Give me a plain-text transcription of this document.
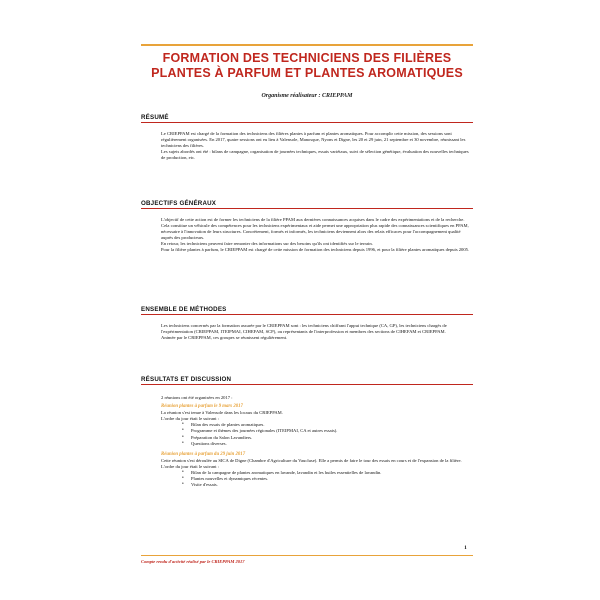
FORMATION DES TECHNICIENS DES FILIÈRES
PLANTES À PARFUM ET PLANTES AROMATIQUES
Organisme réalisateur : CRIEPPAM
RÉSUMÉ

Le CRIEPPAM est chargé de la formation des techniciens des filières plantes à parfum et plantes aromatiques. Pour accomplir cette mission, des sessions sont régulièrement organisées. En 2017, quatre sessions ont eu lieu à Valensole, Manosque, Nyons et Digne, les 20 et 29 juin, 21 septembre et 30 novembre, réunissant les techniciens des filières.

Les sujets abordés ont été : bilans de campagne, organisation de journées techniques, essais variétaux, suivi de sélection génétique, évaluation des nouvelles techniques de production, etc.

OBJECTIFS GÉNÉRAUX

L'objectif de cette action est de former les techniciens de la filière PPAM aux dernières connaissances acquises dans le cadre des expérimentations et de la recherche. Cela constitue un véhicule des compétences pour les techniciens expérimentaux et aide permet une appropriation plus rapide des connaissances scientifiques en PPAM, nécessaire à l'innovation de leurs structures. Concrètement, formés et informés, les techniciens deviennent alors des relais efficaces pour l'accompagnement qualité auprès des producteurs.

En retour, les techniciens peuvent faire remonter des informations sur des besoins qu'ils ont identifiés sur le terrain.

Pour la filière plantes à parfum, le CRIEPPAM est chargé de cette mission de formation des techniciens depuis 1996, et pour la filière plantes aromatiques depuis 2005.

ENSEMBLE DE MÉTHODES

Les techniciens concernés par la formation assurée par le CRIEPPAM sont : les techniciens chiffrant l'appui technique (CA, GP), les techniciens chargés de l'expérimentation (CRIEPPAM, ITEIPMAI, CIHEFAM, SCP), ou représentants de l'interprofession et membres des sections de CIHEFAM et CRIEPPAM.

Animée par le CRIEPPAM, ces groupes se réunissent régulièrement.

RÉSULTATS ET DISCUSSION

2 réunions ont été organisées en 2017 :

Réunion plantes à parfum le 9 mars 2017

La réunion s'est tenue à Valensole dans les locaux du CRIEPPAM.

L'ordre du jour était le suivant :

• Bilan des essais de plantes aromatiques.
• Programme et thèmes des journées régionales (ITEIPMAI, CA et autres essais).
• Préparation du Salon Lavandiers.
• Questions diverses.

Réunion plantes à parfum du 29 juin 2017

Cette réunion s'est déroulée au SICA de Digne (Chambre d'Agriculture du Vaucluse). Elle a permis de faire le tour des essais en cours et de l'expansion de la filière.

L'ordre du jour était le suivant :

• Bilan de la campagne de plantes aromatiques en lavande, lavandin et les huiles essentielles de lavandin.
• Plantes nouvelles et dynamiques récentes.
• Visite d'essais.
1
Compte rendu d'activité réalisé par le CRIEPPAM 2017
